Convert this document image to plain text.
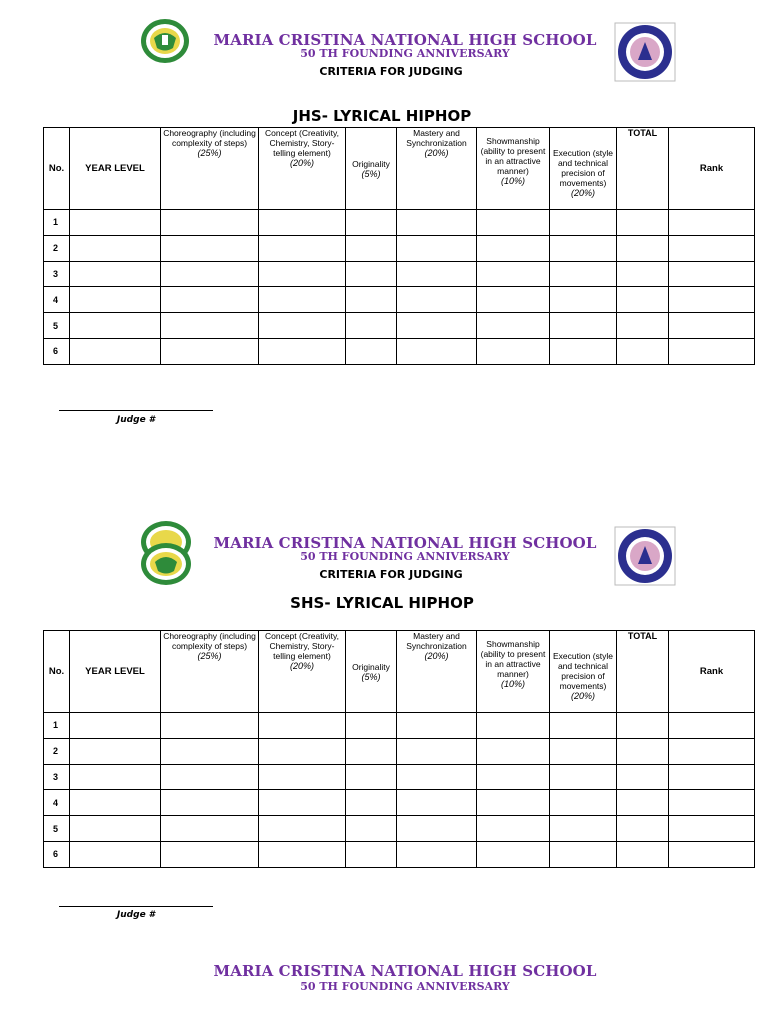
MARIA CRISTINA NATIONAL HIGH SCHOOL
50 TH FOUNDING ANNIVERSARY
CRITERIA FOR JUDGING
JHS- LYRICAL HIPHOP
No.	YEAR LEVEL	Choreography (including complexity of steps)
(25%)	Concept (Creativity, Chemistry, Story-telling element)
(20%)	Originality
(5%)	Mastery and Synchronization
(20%)	Showmanship (ability to present in an attractive manner)
(10%)	Execution (style and technical precision of movements)
(20%)	TOTAL	Rank
1									
2									
3									
4									
5									
6									
Judge #
MARIA CRISTINA NATIONAL HIGH SCHOOL
50 TH FOUNDING ANNIVERSARY
CRITERIA FOR JUDGING
SHS- LYRICAL HIPHOP
No.	YEAR LEVEL	Choreography (including complexity of steps)
(25%)	Concept (Creativity, Chemistry, Story-telling element)
(20%)	Originality
(5%)	Mastery and Synchronization
(20%)	Showmanship (ability to present in an attractive manner)
(10%)	Execution (style and technical precision of movements)
(20%)	TOTAL	Rank
1									
2									
3									
4									
5									
6									
Judge #
MARIA CRISTINA NATIONAL HIGH SCHOOL
50 TH FOUNDING ANNIVERSARY
